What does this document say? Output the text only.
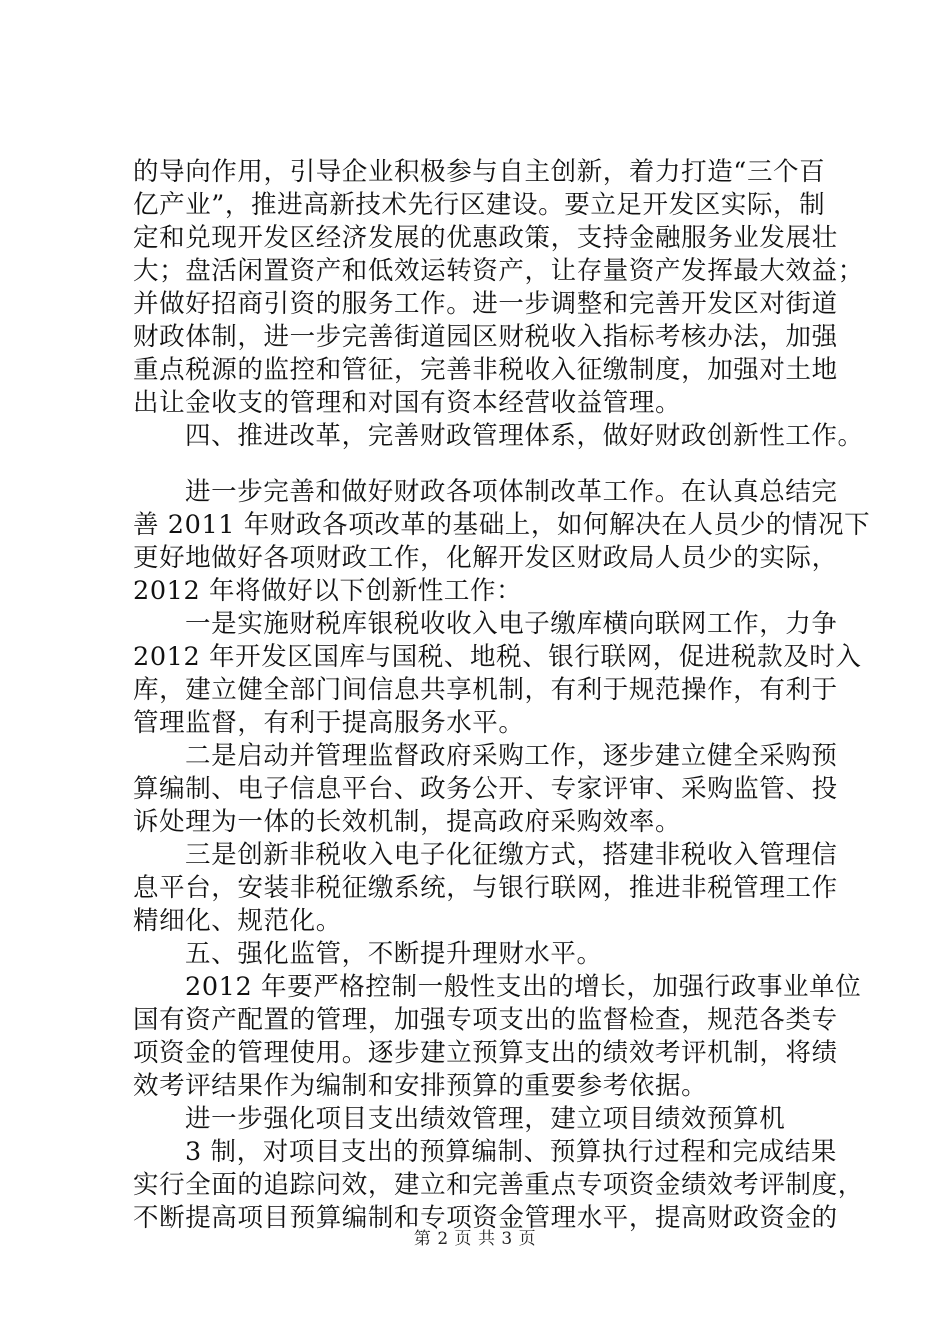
的导向作用，引导企业积极参与自主创新，着力打造“三个百
亿产业”，推进高新技术先行区建设。要立足开发区实际，制
定和兑现开发区经济发展的优惠政策，支持金融服务业发展壮
大；盘活闲置资产和低效运转资产，让存量资产发挥最大效益；
并做好招商引资的服务工作。进一步调整和完善开发区对街道
财政体制，进一步完善街道园区财税收入指标考核办法，加强
重点税源的监控和管征，完善非税收入征缴制度，加强对土地
出让金收支的管理和对国有资本经营收益管理。
四、推进改革，完善财政管理体系，做好财政创新性工作。
进一步完善和做好财政各项体制改革工作。在认真总结完
善 2011 年财政各项改革的基础上，如何解决在人员少的情况下
更好地做好各项财政工作，化解开发区财政局人员少的实际，
2012 年将做好以下创新性工作：
一是实施财税库银税收收入电子缴库横向联网工作，力争
2012 年开发区国库与国税、地税、银行联网，促进税款及时入
库，建立健全部门间信息共享机制，有利于规范操作，有利于
管理监督，有利于提高服务水平。
二是启动并管理监督政府采购工作，逐步建立健全采购预
算编制、电子信息平台、政务公开、专家评审、采购监管、投
诉处理为一体的长效机制，提高政府采购效率。
三是创新非税收入电子化征缴方式，搭建非税收入管理信
息平台，安装非税征缴系统，与银行联网，推进非税管理工作
精细化、规范化。
五、强化监管，不断提升理财水平。
2012 年要严格控制一般性支出的增长，加强行政事业单位
国有资产配置的管理，加强专项支出的监督检查，规范各类专
项资金的管理使用。逐步建立预算支出的绩效考评机制，将绩
效考评结果作为编制和安排预算的重要参考依据。
进一步强化项目支出绩效管理，建立项目绩效预算机
3 制，对项目支出的预算编制、预算执行过程和完成结果
实行全面的追踪问效，建立和完善重点专项资金绩效考评制度，
不断提高项目预算编制和专项资金管理水平，提高财政资金的
第 2 页 共 3 页
